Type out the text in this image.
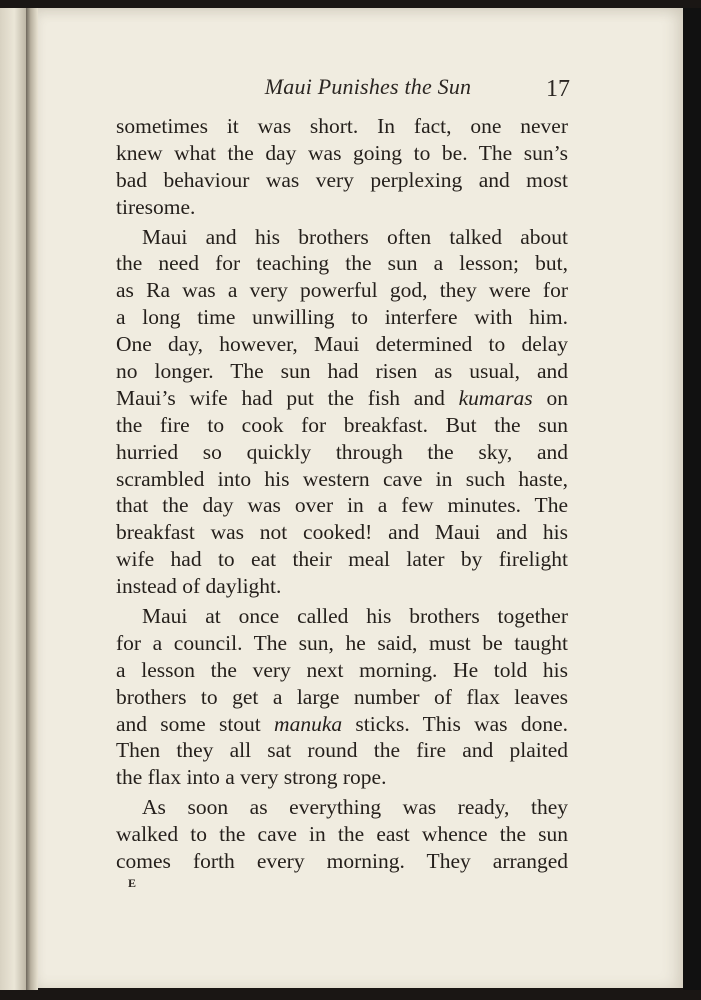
Maui Punishes the Sun	17
sometimes it was short. In fact, one never
knew what the day was going to be. The sun’s
bad behaviour was very perplexing and most
tiresome.
Maui and his brothers often talked about
the need for teaching the sun a lesson; but,
as Ra was a very powerful god, they were for
a long time unwilling to interfere with him.
One day, however, Maui determined to delay
no longer. The sun had risen as usual, and
Maui’s wife had put the fish and kumaras on
the fire to cook for breakfast. But the sun
hurried so quickly through the sky, and
scrambled into his western cave in such haste,
that the day was over in a few minutes. The
breakfast was not cooked! and Maui and his
wife had to eat their meal later by firelight
instead of daylight.
Maui at once called his brothers together
for a council. The sun, he said, must be taught
a lesson the very next morning. He told his
brothers to get a large number of flax leaves
and some stout manuka sticks. This was done.
Then they all sat round the fire and plaited
the flax into a very strong rope.
As soon as everything was ready, they
walked to the cave in the east whence the sun
comes forth every morning. They arranged
E
